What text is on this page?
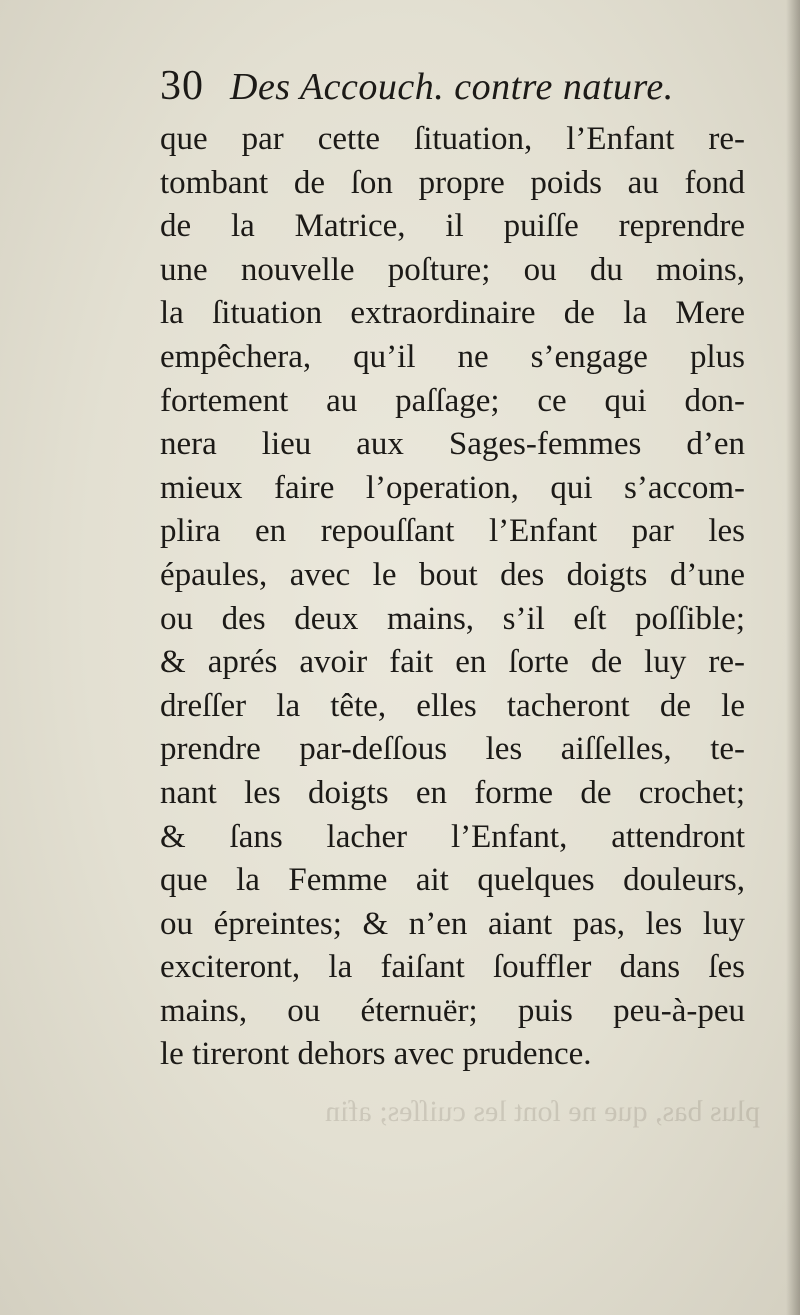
30 Des Accouch. contre nature.
que par cette ſituation, l’Enfant re-
tombant de ſon propre poids au fond
de la Matrice, il puiſſe reprendre
une nouvelle poſture; ou du moins,
la ſituation extraordinaire de la Mere
empêchera, qu’il ne s’engage plus
fortement au paſſage; ce qui don-
nera lieu aux Sages-femmes d’en
mieux faire l’operation, qui s’accom-
plira en repouſſant l’Enfant par les
épaules, avec le bout des doigts d’une
ou des deux mains, s’il eſt poſſible;
& aprés avoir fait en ſorte de luy re-
dreſſer la tête, elles tacheront de le
prendre par-deſſous les aiſſelles, te-
nant les doigts en forme de crochet;
& ſans lacher l’Enfant, attendront
que la Femme ait quelques douleurs,
ou épreintes; & n’en aiant pas, les luy
exciteront, la faiſant ſouffler dans ſes
mains, ou éternuër; puis peu-à-peu
le tireront dehors avec prudence.
plus bas, que ne ſont les cuiſſes; afin
